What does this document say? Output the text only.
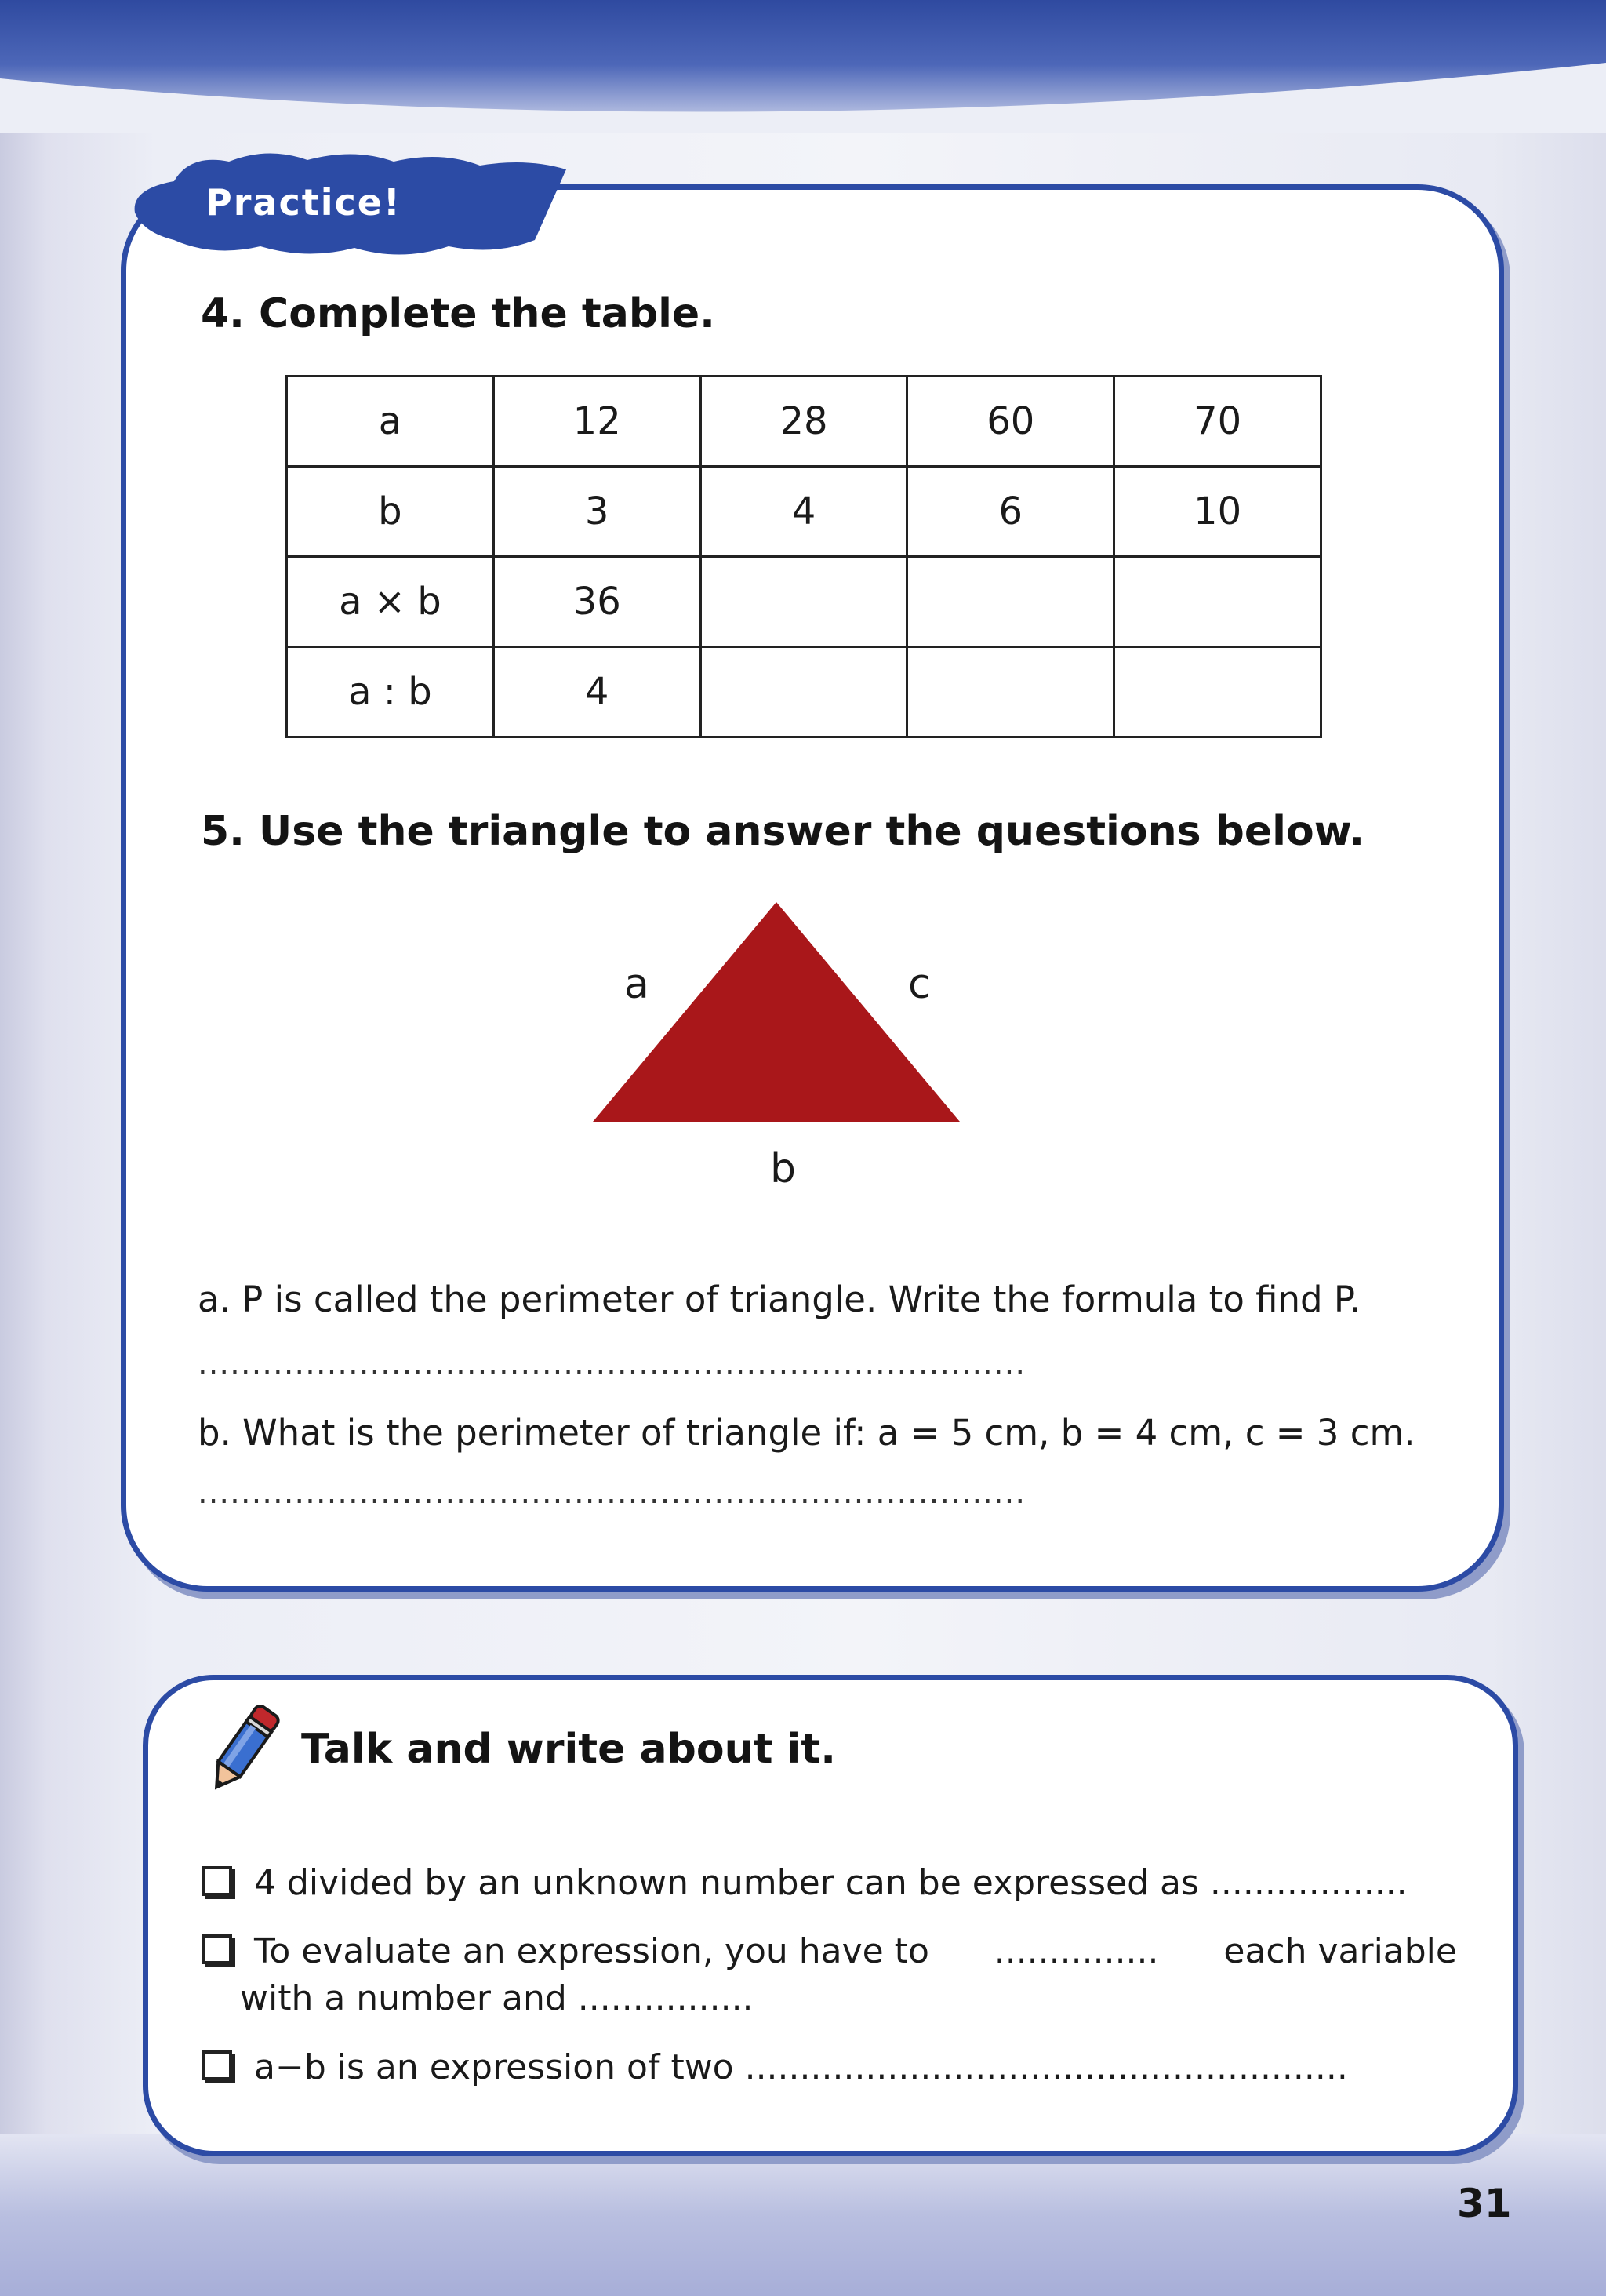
Practice!
4. Complete the table.
a	12	28	60	70
b	3	4	6	10
a × b	36			
a : b	4			
5. Use the triangle to answer the questions below.
a	c
b
a. P is called the perimeter of triangle. Write the formula to find P.
.............................................................................
b. What is the perimeter of triangle if: a = 5 cm, b = 4 cm, c = 3 cm.
.............................................................................
Talk and write about it.
4 divided by an unknown number can be expressed as ..................
To evaluate an expression, you have to ............... each variable
with a number and ................
a−b is an expression of two .......................................................
31
